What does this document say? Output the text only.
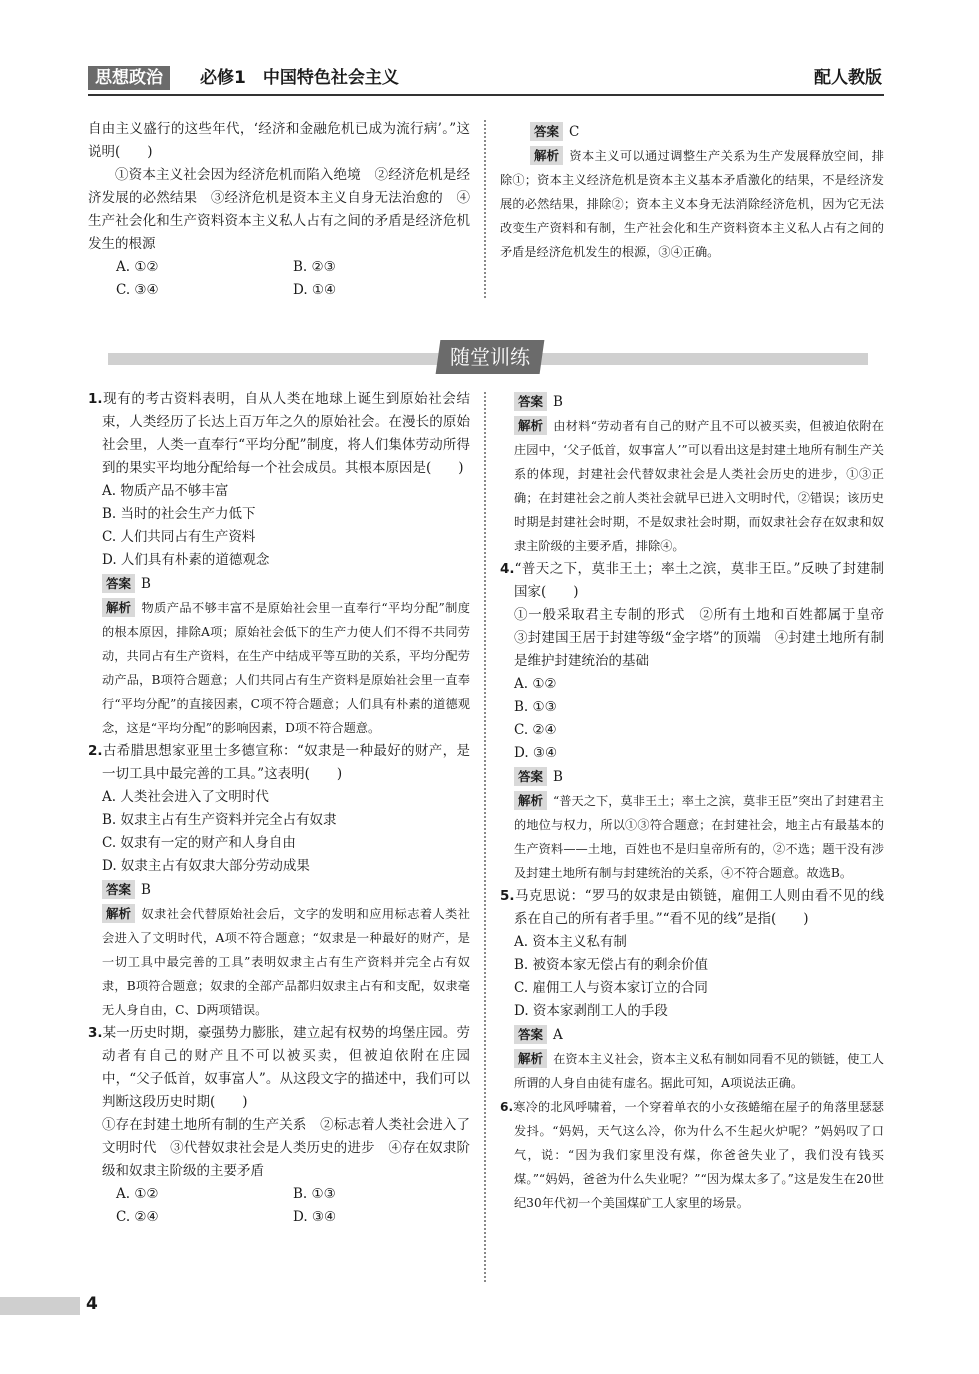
思想政治	必修1　中国特色社会主义	配人教版
自由主义盛行的这些年代，‘经济和金融危机已成为流行病’。”这说明(　　)
①资本主义社会因为经济危机而陷入绝境　②经济危机是经济发展的必然结果　③经济危机是资本主义自身无法治愈的　④生产社会化和生产资料资本主义私人占有之间的矛盾是经济危机发生的根源
A. ①②	B. ②③
C. ③④	D. ①④
答案 C
解析 资本主义可以通过调整生产关系为生产发展释放空间，排除①；资本主义经济危机是资本主义基本矛盾激化的结果，不是经济发展的必然结果，排除②；资本主义本身无法消除经济危机，因为它无法改变生产资料和有制，生产社会化和生产资料资本主义私人占有之间的矛盾是经济危机发生的根源，③④正确。
随堂训练
1.现有的考古资料表明，自从人类在地球上诞生到原始社会结束，人类经历了长达上百万年之久的原始社会。在漫长的原始社会里，人类一直奉行“平均分配”制度，将人们集体劳动所得到的果实平均地分配给每一个社会成员。其根本原因是(　　)
A. 物质产品不够丰富
B. 当时的社会生产力低下
C. 人们共同占有生产资料
D. 人们具有朴素的道德观念
答案 B
解析 物质产品不够丰富不是原始社会里一直奉行“平均分配”制度的根本原因，排除A项；原始社会低下的生产力使人们不得不共同劳动，共同占有生产资料，在生产中结成平等互助的关系，平均分配劳动产品，B项符合题意；人们共同占有生产资料是原始社会里一直奉行“平均分配”的直接因素，C项不符合题意；人们具有朴素的道德观念，这是“平均分配”的影响因素，D项不符合题意。
2.古希腊思想家亚里士多德宣称：“奴隶是一种最好的财产，是一切工具中最完善的工具。”这表明(　　)
A. 人类社会进入了文明时代
B. 奴隶主占有生产资料并完全占有奴隶
C. 奴隶有一定的财产和人身自由
D. 奴隶主占有奴隶大部分劳动成果
答案 B
解析 奴隶社会代替原始社会后，文字的发明和应用标志着人类社会进入了文明时代，A项不符合题意；“奴隶是一种最好的财产，是一切工具中最完善的工具”表明奴隶主占有生产资料并完全占有奴隶，B项符合题意；奴隶的全部产品都归奴隶主占有和支配，奴隶毫无人身自由，C、D两项错误。
3.某一历史时期，豪强势力膨胀，建立起有权势的坞堡庄园。劳动者有自己的财产且不可以被买卖，但被迫依附在庄园中，“父子低首，奴事富人”。从这段文字的描述中，我们可以判断这段历史时期(　　)
①存在封建土地所有制的生产关系　②标志着人类社会进入了文明时代　③代替奴隶社会是人类历史的进步　④存在奴隶阶级和奴隶主阶级的主要矛盾
A. ①②	B. ①③
C. ②④	D. ③④
答案 B
解析 由材料“劳动者有自己的财产且不可以被买卖，但被迫依附在庄园中，‘父子低首，奴事富人’”可以看出这是封建土地所有制生产关系的体现，封建社会代替奴隶社会是人类社会历史的进步，①③正确；在封建社会之前人类社会就早已进入文明时代，②错误；该历史时期是封建社会时期，不是奴隶社会时期，而奴隶社会存在奴隶和奴隶主阶级的主要矛盾，排除④。
4.“普天之下，莫非王土；率土之滨，莫非王臣。”反映了封建制国家(　　)
①一般采取君主专制的形式　②所有土地和百姓都属于皇帝　③封建国王居于封建等级“金字塔”的顶端　④封建土地所有制是维护封建统治的基础
A. ①②
B. ①③
C. ②④
D. ③④
答案 B
解析 “普天之下，莫非王土；率土之滨，莫非王臣”突出了封建君主的地位与权力，所以①③符合题意；在封建社会，地主占有最基本的生产资料——土地，百姓也不是归皇帝所有的，②不选；题干没有涉及封建土地所有制与封建统治的关系，④不符合题意。故选B。
5.马克思说：“罗马的奴隶是由锁链，雇佣工人则由看不见的线系在自己的所有者手里。”“看不见的线”是指(　　)
A. 资本主义私有制
B. 被资本家无偿占有的剩余价值
C. 雇佣工人与资本家订立的合同
D. 资本家剥削工人的手段
答案 A
解析 在资本主义社会，资本主义私有制如同看不见的锁链，使工人所谓的人身自由徒有虚名。据此可知，A项说法正确。
6.寒冷的北风呼啸着，一个穿着单衣的小女孩蜷缩在屋子的角落里瑟瑟发抖。“妈妈，天气这么冷，你为什么不生起火炉呢？”妈妈叹了口气，说：“因为我们家里没有煤，你爸爸失业了，我们没有钱买煤。”“妈妈，爸爸为什么失业呢？”“因为煤太多了。”这是发生在20世纪30年代初一个美国煤矿工人家里的场景。
4
